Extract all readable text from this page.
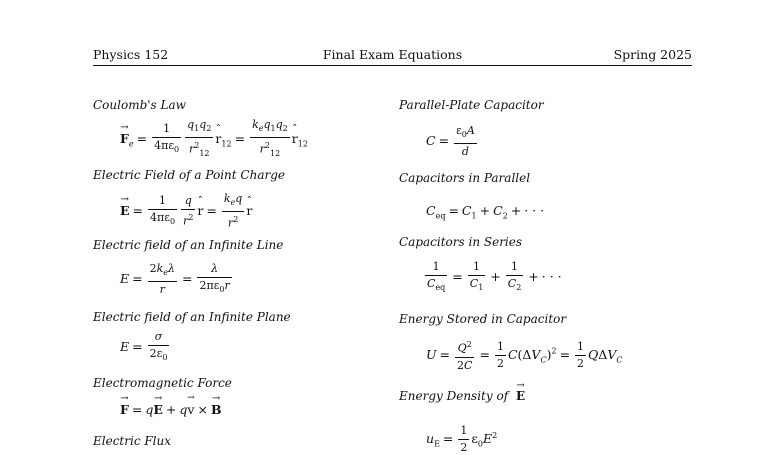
Physics 152	Final Exam Equations	Spring 2025
Coulomb's Law
→ $F_e = \frac{1}{4\pi\varepsilon_0} \frac{q_1q_2}{r^2_{12}}$ ˆ $r_{12} = \frac{k_eq_1q_2}{r^2_{12}}$ ˆ $r_{12}$
Electric Field of a Point Charge
→ $E = \frac{1}{4\pi\varepsilon_0} \frac{q}{r^2}$ ˆ $r = \frac{k_eq}{r^2}$ ˆ r
Electric field of an Infinite Line
$E = \frac{2k_e\lambda}{r} = \frac{\lambda}{2\pi\varepsilon_0r}$
Electric field of an Infinite Plane
$E = \frac{\sigma}{2\varepsilon_0}$
Electromagnetic Force
→ F = q→ E + q→ v × → B
Electric Flux
Parallel-Plate Capacitor
$C = \frac{\varepsilon_0A}{d}$
Capacitors in Parallel
$C_{eq} = C_1 + C_2$ + · · ·
Capacitors in Series
$\frac{1}{C_{eq}} = \frac{1}{C_1} + \frac{1}{C_2}$ + · · ·
Energy Stored in Capacitor
$U = \frac{Q^2}{2C} = \frac{1}{2} C(\Delta V_C)^2 = \frac{1}{2} Q\Delta V_C$
Energy Density of → E
$u_E = \frac{1}{2} \varepsilon_0E^2$
